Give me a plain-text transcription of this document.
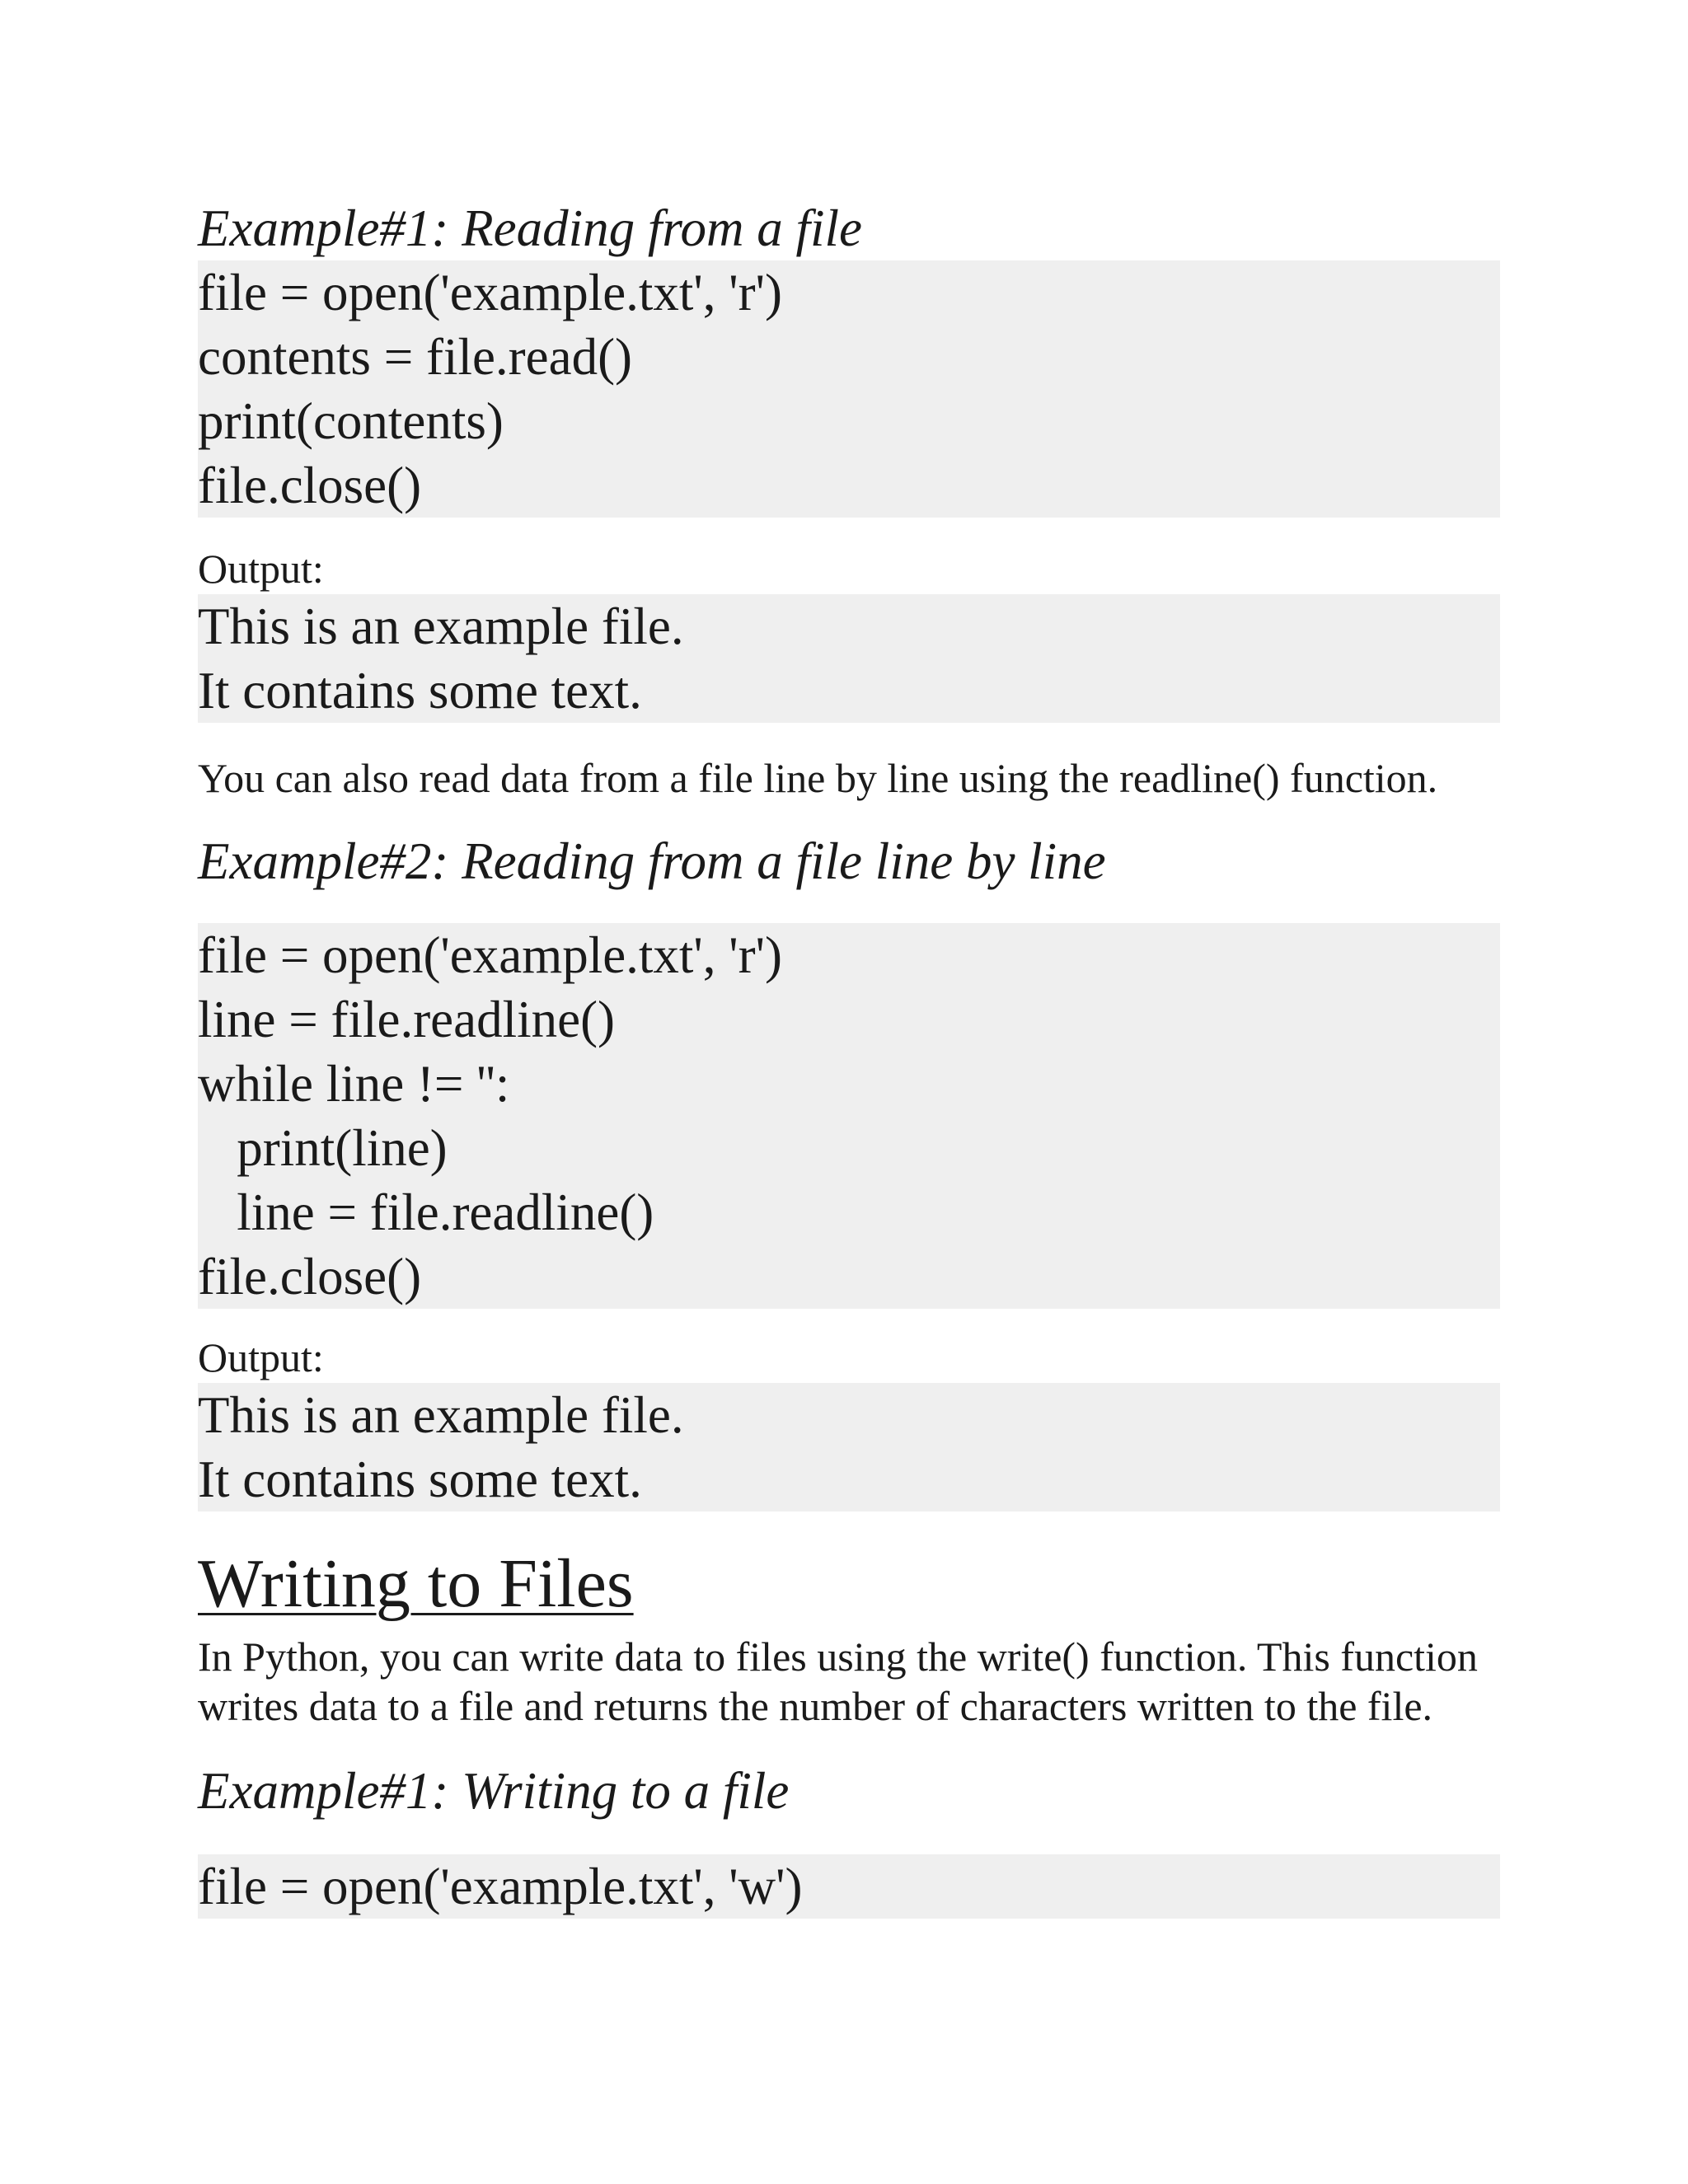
Example#1: Reading from a file

file = open('example.txt', 'r')
contents = file.read()
print(contents)
file.close()
Output:
This is an example file.
It contains some text.
You can also read data from a file line by line using the readline() function.

Example#2: Reading from a file line by line

file = open('example.txt', 'r')
line = file.readline()
while line != '':
print(line)
line = file.readline()
file.close()
Output:
This is an example file.
It contains some text.
Writing to Files
In Python, you can write data to files using the write() function. This function
writes data to a file and returns the number of characters written to the file.

Example#1: Writing to a file

file = open('example.txt', 'w')
